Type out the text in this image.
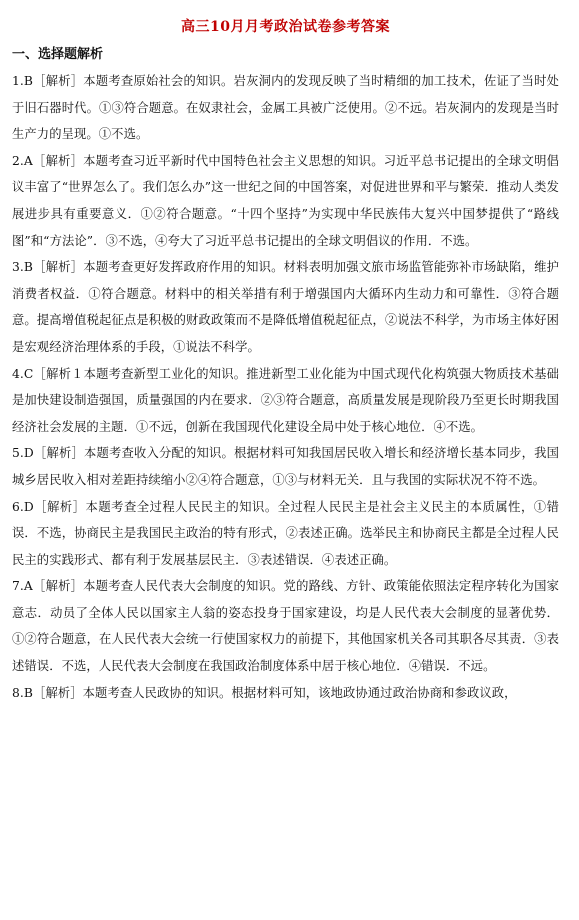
高三10月月考政治试卷参考答案
一、选择题解析

1.B［解析］本题考查原始社会的知识。岩灰洞内的发现反映了当时精细的加工技术，佐证了当时处于旧石器时代。①③符合题意。在奴隶社会，金属工具被广泛使用。②不远。岩灰洞内的发现是当时生产力的呈现。①不选。

2.A［解析］本题考查习近平新时代中国特色社会主义思想的知识。习近平总书记提出的全球文明倡议丰富了“世界怎么了。我们怎么办”这一世纪之间的中国答案，对促进世界和平与繁荣．推动人类发展进步具有重要意义．①②符合题意。“十四个坚持”为实现中华民族伟大复兴中国梦提供了“路线图”和“方法论”．③不选，④夸大了习近平总书记提出的全球文明倡议的作用．不选。

3.B［解析］本题考查更好发挥政府作用的知识。材料表明加强文旅市场监管能弥补市场缺陷，维护消费者权益．①符合题意。材料中的相关举措有利于增强国内大循环内生动力和可靠性．③符合题意。提高增值税起征点是积极的财政政策而不是降低增值税起征点，②说法不科学，为市场主体好困是宏观经济治理体系的手段，①说法不科学。

4.C［解析１本题考查新型工业化的知识。推进新型工业化能为中国式现代化构筑强大物质技术基础是加快建设制造强国，质量强国的内在要求．②③符合题意，高质量发展是现阶段乃至更长时期我国经济社会发展的主题．①不远，创新在我国现代化建设全局中处于核心地位．④不选。

5.D［解析］本题考查收入分配的知识。根据材料可知我国居民收入增长和经济增长基本同步，我国城乡居民收入相对差距持续缩小②④符合题意，①③与材料无关．且与我国的实际状况不符不选。

6.D［解析］本题考查全过程人民民主的知识。全过程人民民主是社会主义民主的本质属性，①错误．不选，协商民主是我国民主政治的特有形式，②表述正确。选举民主和协商民主都是全过程人民民主的实践形式、都有利于发展基层民主．③表述错误．④表述正确。

7.A［解析］本题考查人民代表大会制度的知识。党的路线、方针、政策能依照法定程序转化为国家意志．动员了全体人民以国家主人翁的姿态投身于国家建设，均是人民代表大会制度的显著优势．①②符合题意，在人民代表大会统一行使国家权力的前提下，其他国家机关各司其职各尽其责．③表述错误．不选，人民代表大会制度在我国政治制度体系中居于核心地位．④错误．不远。

8.B［解析］本题考查人民政协的知识。根据材料可知，该地政协通过政治协商和参政议政，
